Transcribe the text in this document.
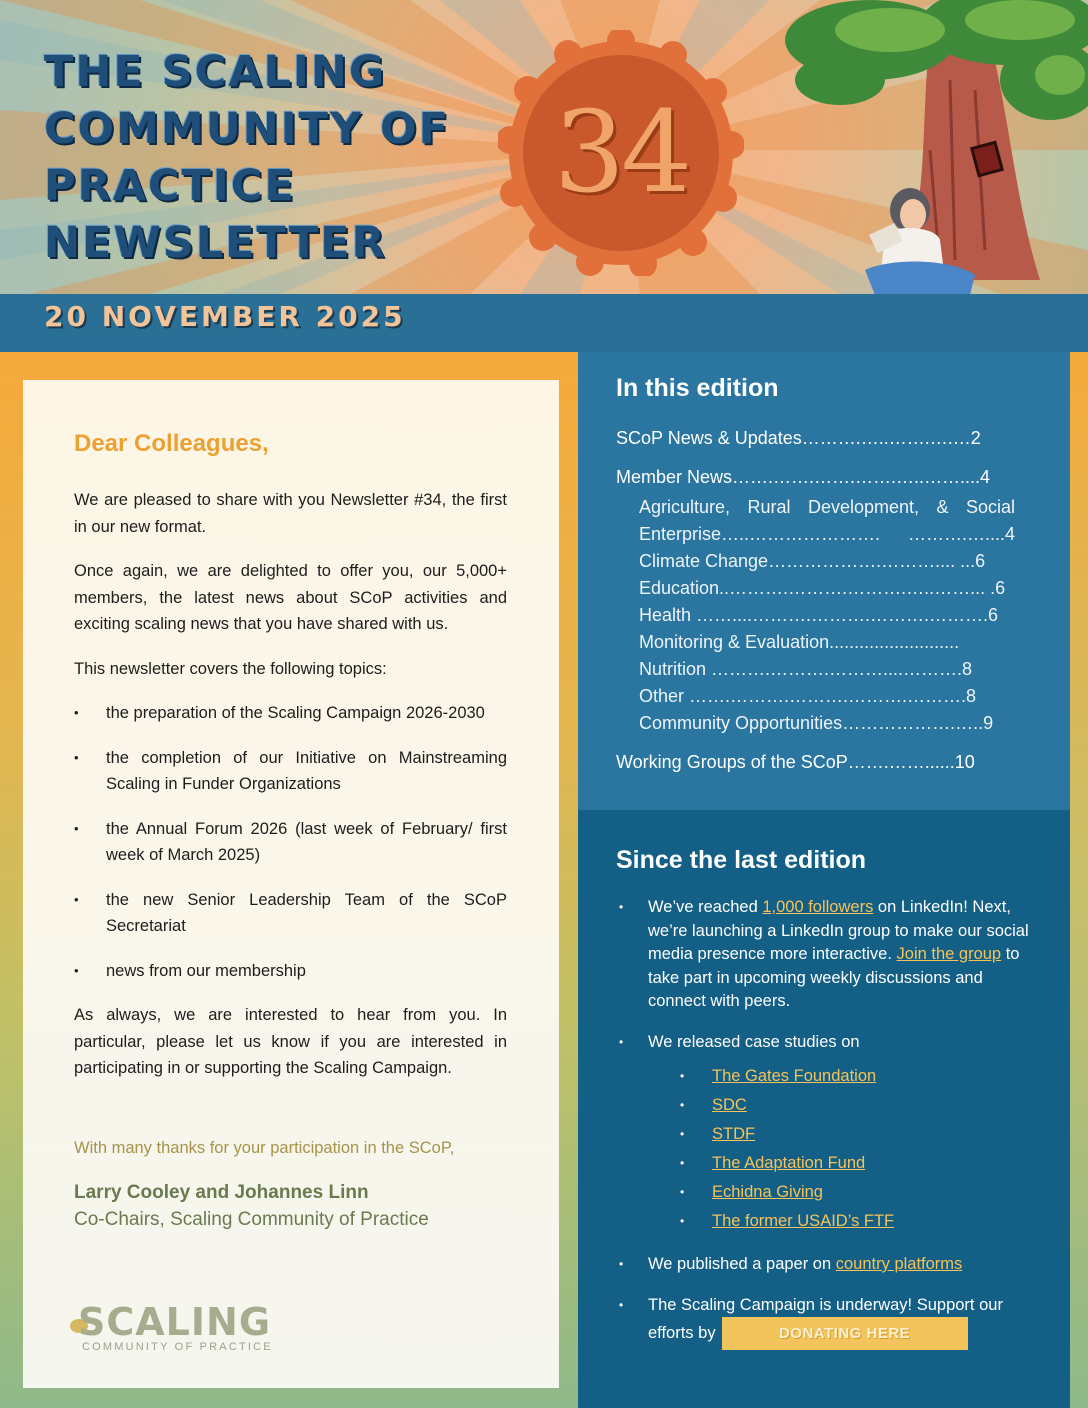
THE SCALING
COMMUNITY OF
PRACTICE
NEWSLETTER
34
20 NOVEMBER 2025
Dear Colleagues,

We are pleased to share with you Newsletter #34, the first in our new format.

Once again, we are delighted to offer you, our 5,000+ members, the latest news about SCoP activities and exciting scaling news that you have shared with us.

This newsletter covers the following topics:

• the preparation of the Scaling Campaign 2026-2030
• the completion of our Initiative on Mainstreaming Scaling in Funder Organizations
• the Annual Forum 2026 (last week of February/ first week of March 2025)
• the new Senior Leadership Team of the SCoP Secretariat
• news from our membership

As always, we are interested to hear from you. In particular, please let us know if you are interested in participating in or supporting the Scaling Campaign.

With many thanks for your participation in the SCoP,

Larry Cooley and Johannes Linn
Co-Chairs, Scaling Community of Practice
SCALING
COMMUNITY OF PRACTICE
In this edition
SCoP News & Updates……….…..…….….…2
Member News…….…….…….…….…..……....4
Agriculture, Rural Development, & Social Enterprise…..…………………. ……….…....4
Climate Change……………….……….... ...6
Education..……….……….……….…..……... .6
Health ……....……….……….……….……….6
Monitoring & Evaluation..........................
Nutrition ……….……….………....……….8
Other …….……….……….……….……….8
Community Opportunities……………….…..9
Working Groups of the SCoP…….……......10
Since the last edition
• We’ve reached 1,000 followers on LinkedIn! Next, we’re launching a LinkedIn group to make our social media presence more interactive. Join the group to take part in upcoming weekly discussions and connect with peers.
• We released case studies on
• The Gates Foundation
• SDC
• STDF
• The Adaptation Fund
• Echidna Giving
• The former USAID’s FTF
• We published a paper on country platforms
• The Scaling Campaign is underway! Support our efforts by	DONATING HERE
